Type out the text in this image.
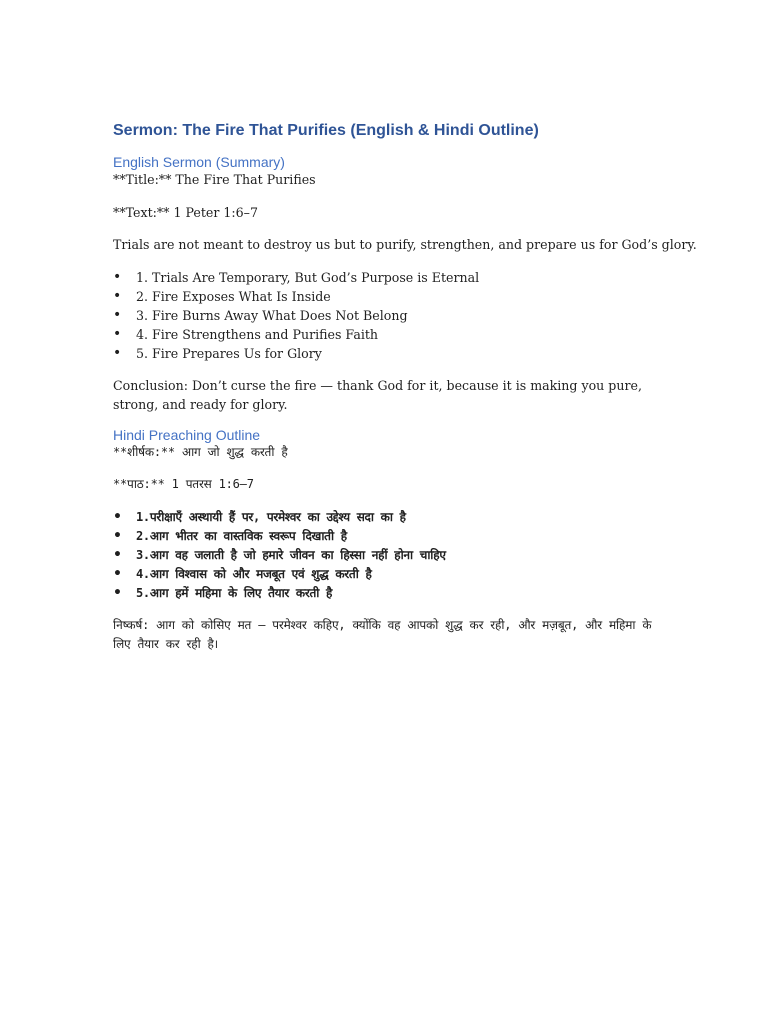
Sermon: The Fire That Purifies (English & Hindi Outline)
English Sermon (Summary)

**Title:** The Fire That Purifies

**Text:** 1 Peter 1:6–7

Trials are not meant to destroy us but to purify, strengthen, and prepare us for God’s glory.

• 1. Trials Are Temporary, But God’s Purpose is Eternal
• 2. Fire Exposes What Is Inside
• 3. Fire Burns Away What Does Not Belong
• 4. Fire Strengthens and Purifies Faith
• 5. Fire Prepares Us for Glory

Conclusion: Don’t curse the fire — thank God for it, because it is making you pure, strong, and ready for glory.

Hindi Preaching Outline

**शीर्षक:** आग जो शुद्ध करती है

**पाठ:** 1 पतरस 1:6–7

• 1.परीक्षाएँ अस्थायी हैं पर, परमेश्वर का उद्देश्य सदा का है
• 2.आग भीतर का वास्तविक स्वरूप दिखाती है
• 3.आग वह जलाती है जो हमारे जीवन का हिस्सा नहीं होना चाहिए
• 4.आग विश्वास को और मजबूत एवं शुद्ध करती है
• 5.आग हमें महिमा के लिए तैयार करती है

निष्कर्ष: आग को कोसिए मत — परमेश्वर कहिए, क्योंकि वह आपको शुद्ध कर रही, और मज़बूत, और महिमा के लिए तैयार कर रही है।
